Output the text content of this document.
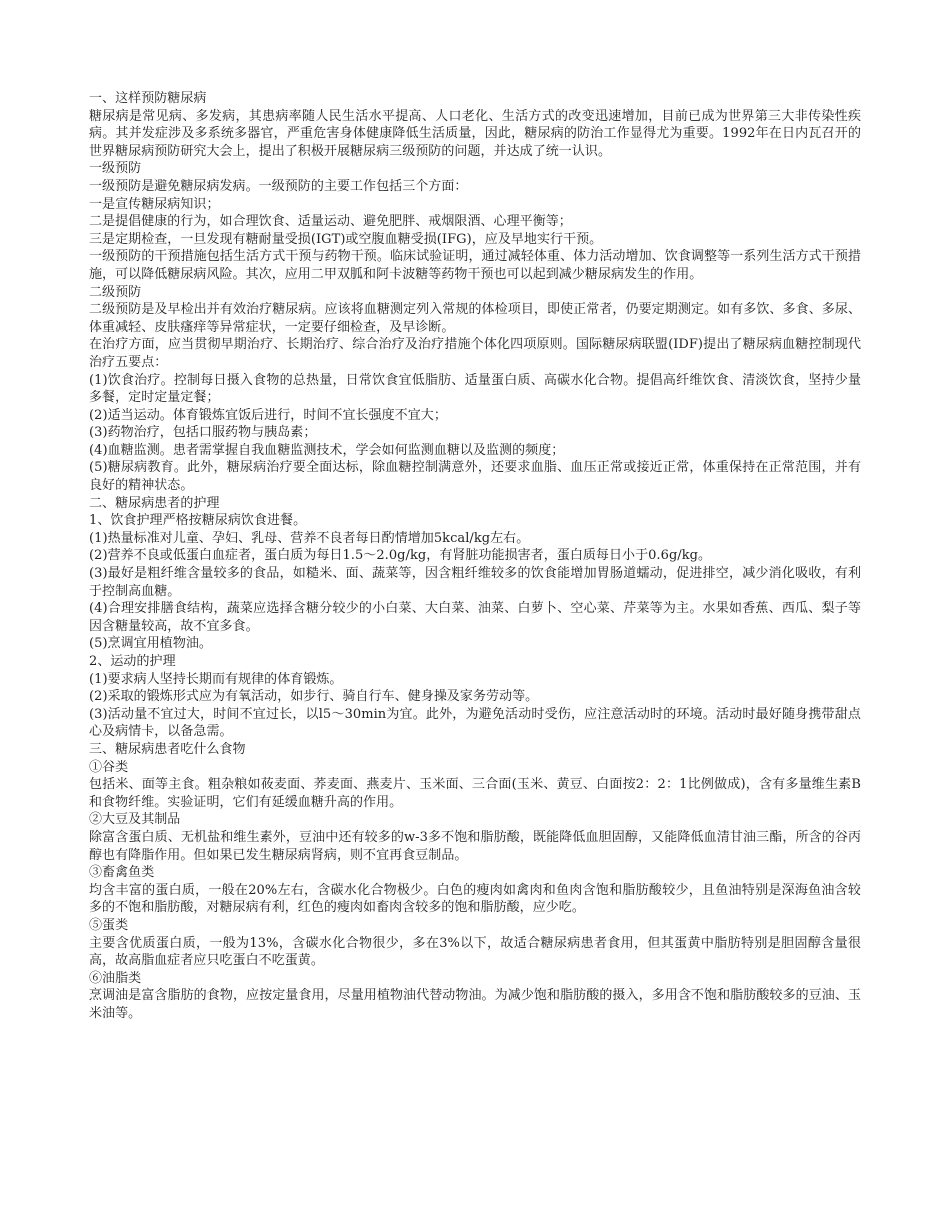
一、这样预防糖尿病

糖尿病是常见病、多发病，其患病率随人民生活水平提高、人口老化、生活方式的改变迅速增加，目前已成为世界第三大非传染性疾病。其并发症涉及多系统多器官，严重危害身体健康降低生活质量，因此，糖尿病的防治工作显得尤为重要。1992年在日内瓦召开的世界糖尿病预防研究大会上，提出了积极开展糖尿病三级预防的问题，并达成了统一认识。

一级预防

一级预防是避免糖尿病发病。一级预防的主要工作包括三个方面：

一是宣传糖尿病知识；

二是提倡健康的行为，如合理饮食、适量运动、避免肥胖、戒烟限酒、心理平衡等；

三是定期检查，一旦发现有糖耐量受损(IGT)或空腹血糖受损(IFG)，应及早地实行干预。

一级预防的干预措施包括生活方式干预与药物干预。临床试验证明，通过减轻体重、体力活动增加、饮食调整等一系列生活方式干预措施，可以降低糖尿病风险。其次，应用二甲双胍和阿卡波糖等药物干预也可以起到减少糖尿病发生的作用。

二级预防

二级预防是及早检出并有效治疗糖尿病。应该将血糖测定列入常规的体检项目，即使正常者，仍要定期测定。如有多饮、多食、多尿、体重减轻、皮肤瘙痒等异常症状，一定要仔细检查，及早诊断。

在治疗方面，应当贯彻早期治疗、长期治疗、综合治疗及治疗措施个体化四项原则。国际糖尿病联盟(IDF)提出了糖尿病血糖控制现代治疗五要点：

(1)饮食治疗。控制每日摄入食物的总热量，日常饮食宜低脂肪、适量蛋白质、高碳水化合物。提倡高纤维饮食、清淡饮食，坚持少量多餐，定时定量定餐；

(2)适当运动。体育锻炼宜饭后进行，时间不宜长强度不宜大；

(3)药物治疗，包括口服药物与胰岛素；

(4)血糖监测。患者需掌握自我血糖监测技术，学会如何监测血糖以及监测的频度；

(5)糖尿病教育。此外，糖尿病治疗要全面达标，除血糖控制满意外，还要求血脂、血压正常或接近正常，体重保持在正常范围，并有良好的精神状态。

二、糖尿病患者的护理

1、饮食护理严格按糖尿病饮食进餐。

(1)热量标准对儿童、孕妇、乳母、营养不良者每日酌情增加5kcal/kg左右。

(2)营养不良或低蛋白血症者，蛋白质为每日1.5～2.0g/kg，有肾脏功能损害者，蛋白质每日小于0.6g/kg。

(3)最好是粗纤维含量较多的食品，如糙米、面、蔬菜等，因含粗纤维较多的饮食能增加胃肠道蠕动，促进排空，减少消化吸收，有利于控制高血糖。

(4)合理安排膳食结构，蔬菜应选择含糖分较少的小白菜、大白菜、油菜、白萝卜、空心菜、芹菜等为主。水果如香蕉、西瓜、梨子等因含糖量较高，故不宜多食。

(5)烹调宜用植物油。

2、运动的护理

(1)要求病人坚持长期而有规律的体育锻炼。

(2)采取的锻炼形式应为有氧活动，如步行、骑自行车、健身操及家务劳动等。

(3)活动量不宜过大，时间不宜过长，以l5～30min为宜。此外，为避免活动时受伤，应注意活动时的环境。活动时最好随身携带甜点心及病情卡，以备急需。

三、糖尿病患者吃什么食物

①谷类

包括米、面等主食。粗杂粮如莜麦面、荞麦面、燕麦片、玉米面、三合面(玉米、黄豆、白面按2：2：1比例做成)，含有多量维生素B和食物纤维。实验证明，它们有延缓血糖升高的作用。

②大豆及其制品

除富含蛋白质、无机盐和维生素外，豆油中还有较多的w-3多不饱和脂肪酸，既能降低血胆固醇，又能降低血清甘油三酯，所含的谷丙醇也有降脂作用。但如果已发生糖尿病肾病，则不宜再食豆制品。

③畜禽鱼类

均含丰富的蛋白质，一般在20%左右，含碳水化合物极少。白色的瘦肉如禽肉和鱼肉含饱和脂肪酸较少，且鱼油特别是深海鱼油含较多的不饱和脂肪酸，对糖尿病有利，红色的瘦肉如畜肉含较多的饱和脂肪酸，应少吃。

⑤蛋类

主要含优质蛋白质，一般为13%，含碳水化合物很少，多在3%以下，故适合糖尿病患者食用，但其蛋黄中脂肪特别是胆固醇含量很高，故高脂血症者应只吃蛋白不吃蛋黄。

⑥油脂类

烹调油是富含脂肪的食物，应按定量食用，尽量用植物油代替动物油。为减少饱和脂肪酸的摄入，多用含不饱和脂肪酸较多的豆油、玉米油等。
